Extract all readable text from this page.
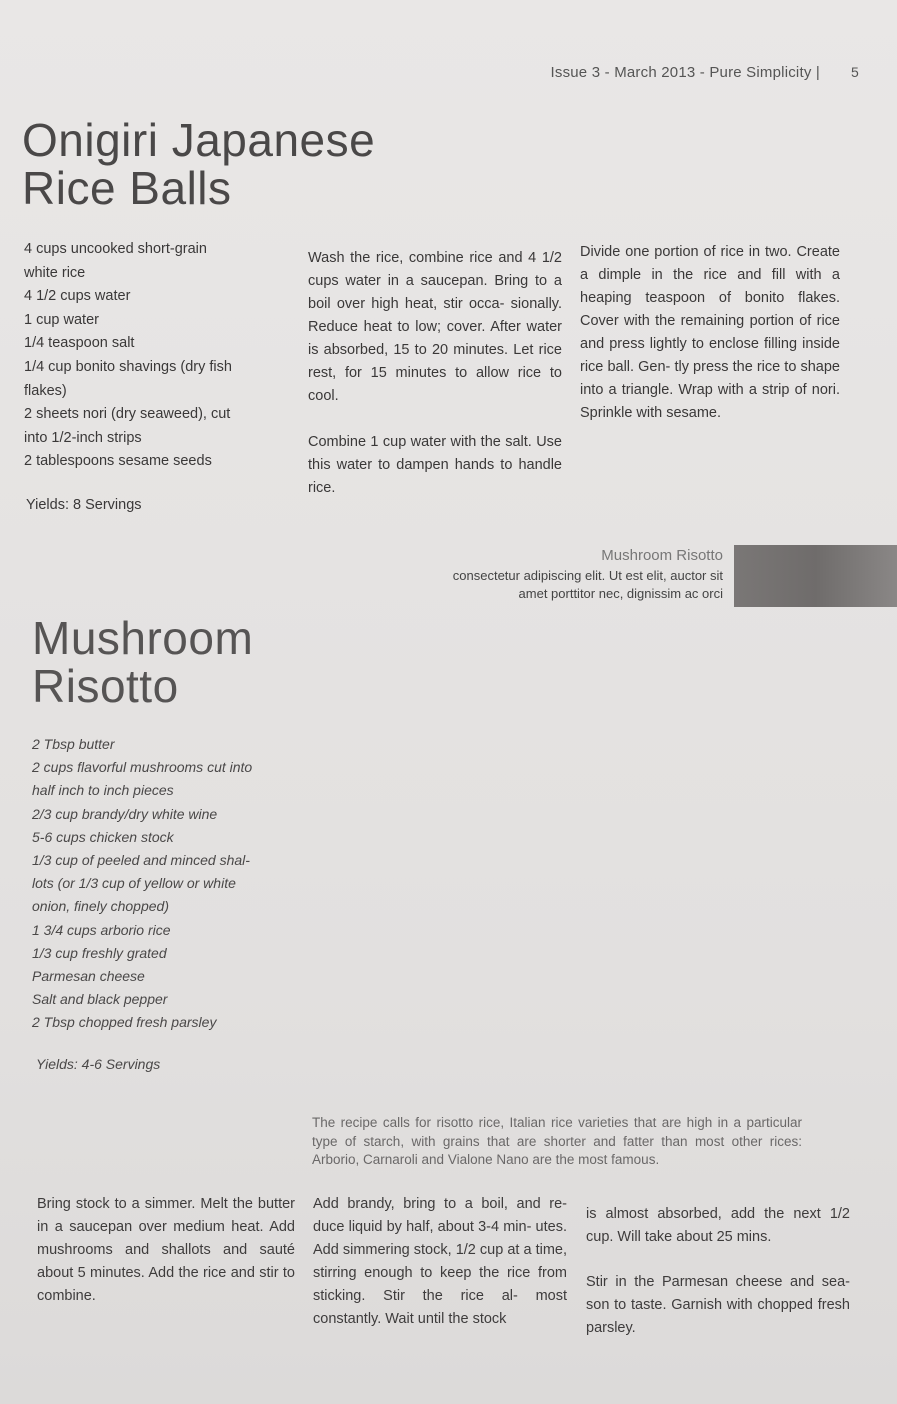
Issue 3 - March 2013 - Pure Simplicity | 5
Onigiri Japanese
Rice Balls
4 cups uncooked short-grain
white rice
4 1/2 cups water
1 cup water
1/4 teaspoon salt
1/4 cup bonito shavings (dry fish
flakes)
2 sheets nori (dry seaweed), cut
into 1/2-inch strips
2 tablespoons sesame seeds
Yields: 8 Servings

Wash the rice, combine rice and 4 1/2 cups water in a saucepan. Bring to a boil over high heat, stir occa- sionally. Reduce heat to low; cover. After water is absorbed, 15 to 20 minutes. Let rice rest, for 15 minutes to allow rice to cool.

Combine 1 cup water with the salt. Use this water to dampen hands to handle rice.

Divide one portion of rice in two. Create a dimple in the rice and fill with a heaping teaspoon of bonito flakes. Cover with the remaining portion of rice and press lightly to enclose filling inside rice ball. Gen- tly press the rice to shape into a triangle. Wrap with a strip of nori. Sprinkle with sesame.

Mushroom Risotto
consectetur adipiscing elit. Ut est elit, auctor sit amet porttitor nec, dignissim ac orci
Mushroom
Risotto
2 Tbsp butter
2 cups flavorful mushrooms cut into
half inch to inch pieces
2/3 cup brandy/dry white wine
5-6 cups chicken stock
1/3 cup of peeled and minced shal-
lots (or 1/3 cup of yellow or white
onion, finely chopped)
1 3/4 cups arborio rice
1/3 cup freshly grated
Parmesan cheese
Salt and black pepper
2 Tbsp chopped fresh parsley
Yields: 4-6 Servings

The recipe calls for risotto rice, Italian rice varieties that are high in a particular type of starch, with grains that are shorter and fatter than most other rices: Arborio, Carnaroli and Vialone Nano are the most famous.

Bring stock to a simmer. Melt the butter in a saucepan over medium heat. Add mushrooms and shallots and sauté about 5 minutes. Add the rice and stir to combine.

Add brandy, bring to a boil, and re- duce liquid by half, about 3-4 min- utes. Add simmering stock, 1/2 cup at a time, stirring enough to keep the rice from sticking. Stir the rice al- most constantly. Wait until the stock

is almost absorbed, add the next 1/2 cup. Will take about 25 mins.

Stir in the Parmesan cheese and sea- son to taste. Garnish with chopped fresh parsley.
